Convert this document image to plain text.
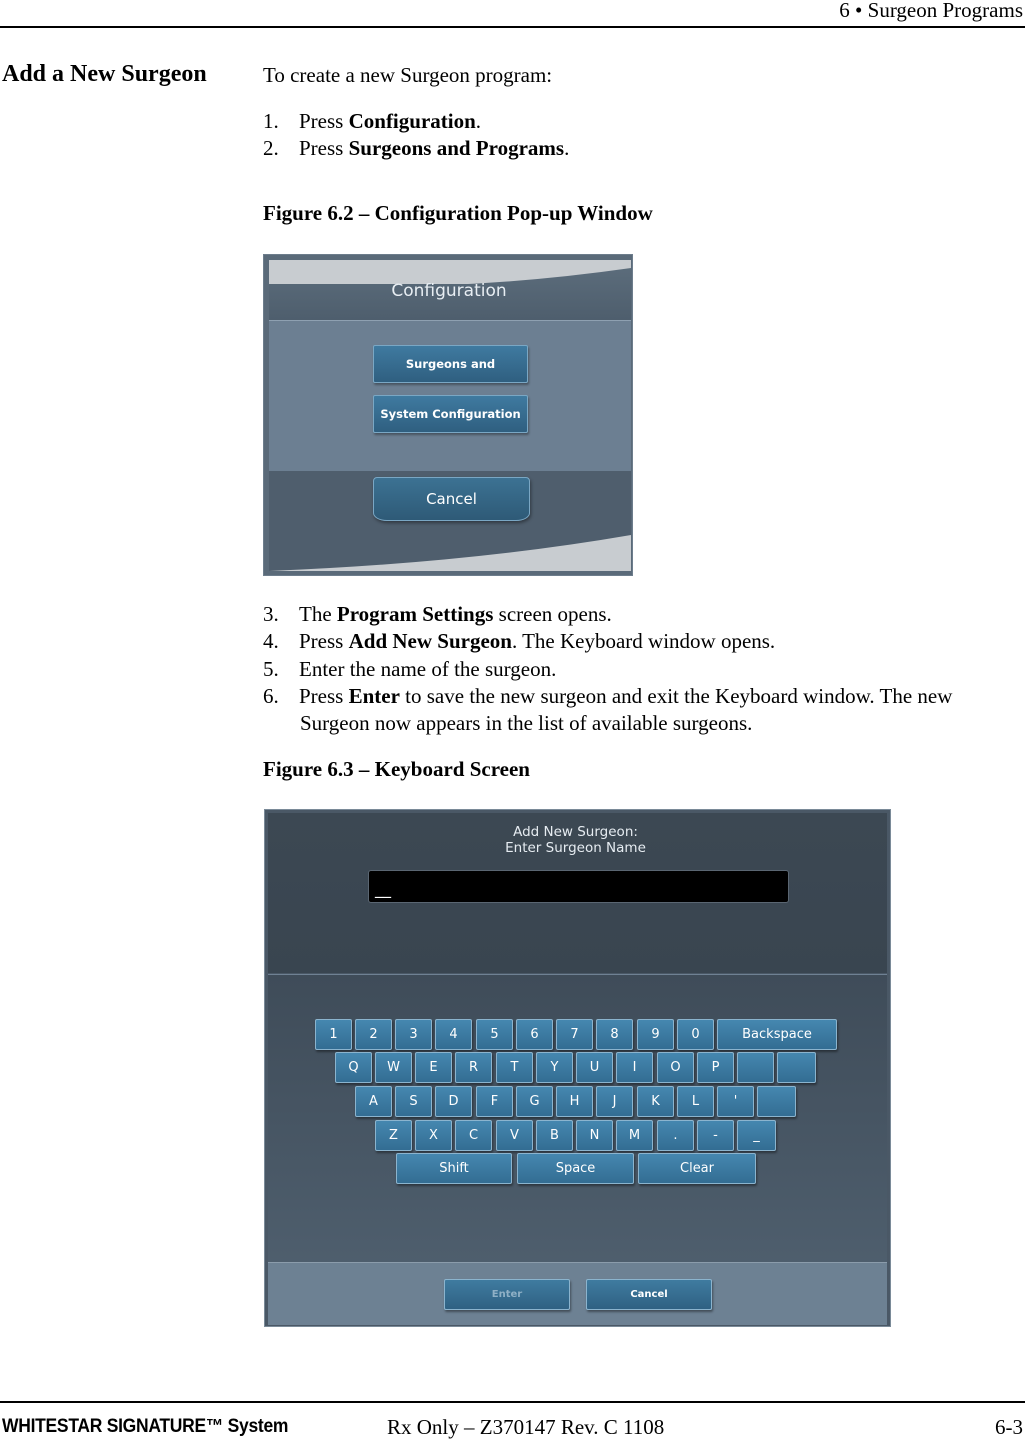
6 • Surgeon Programs
Add a New Surgeon	To create a new Surgeon program:
1. Press Configuration.
2. Press Surgeons and Programs.
Figure 6.2 – Configuration Pop-up Window
Configuration
Surgeons and
System Configuration
Cancel
3. The Program Settings screen opens.
4. Press Add New Surgeon. The Keyboard window opens.
5. Enter the name of the surgeon.
6. Press Enter to save the new surgeon and exit the Keyboard window. The new
Surgeon now appears in the list of available surgeons.
Figure 6.3 – Keyboard Screen
Add New Surgeon:
Enter Surgeon Name
__
1	2	3	4	5	6	7	8	9	0	Backspace
Q	W	E	R	T	Y	U	I	O	P
A	S	D	F	G	H	J	K	L	'
Z	X	C	V	B	N	M	.	-	_
Shift	Space	Clear
Enter	Cancel
WHITESTAR SIGNATURE™ System	Rx Only – Z370147 Rev. C 1108	6-3
